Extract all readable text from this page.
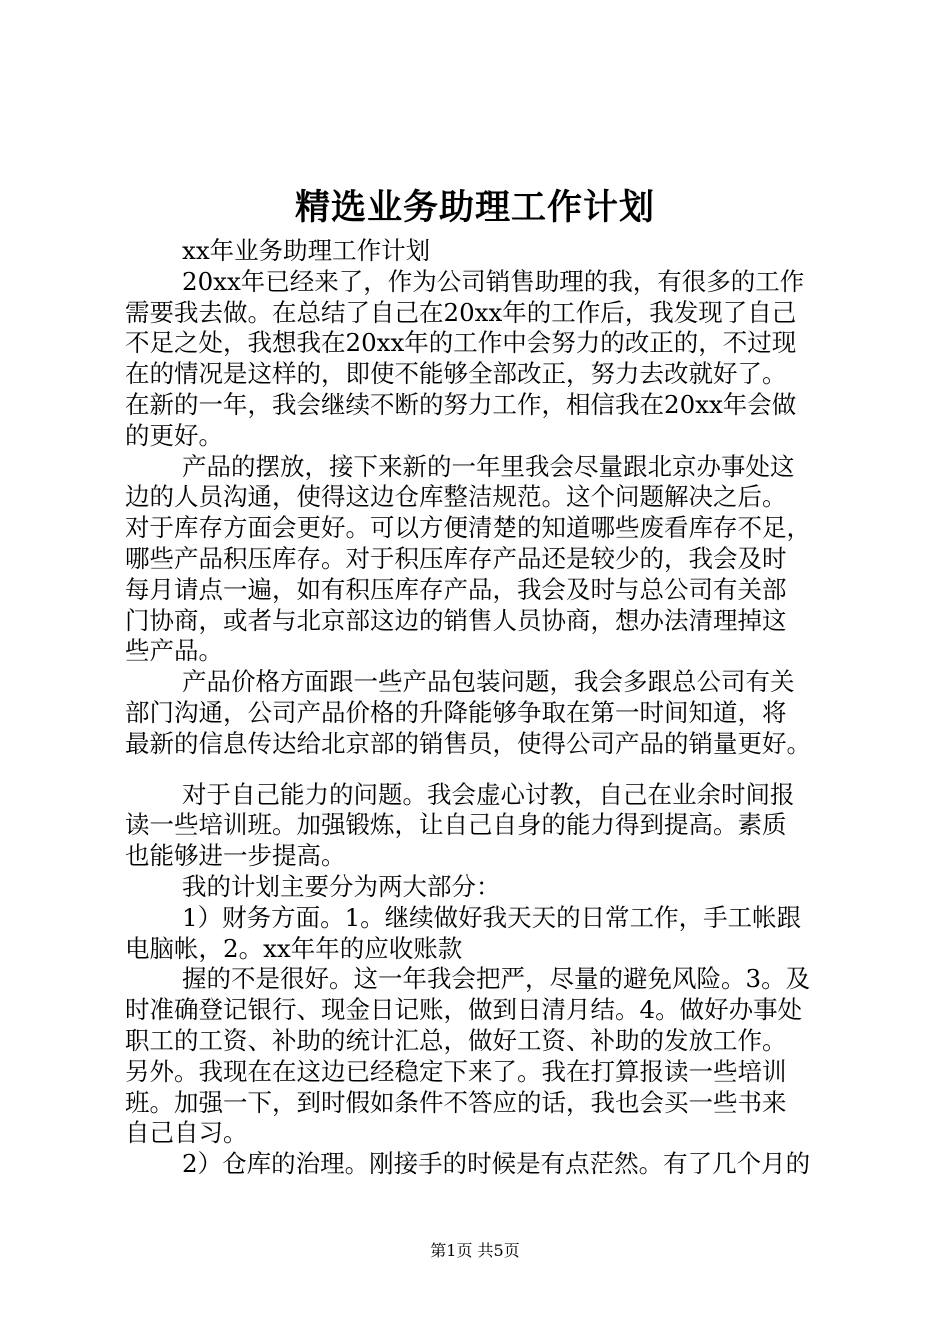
精选业务助理工作计划
xx年业务助理工作计划
20xx年已经来了，作为公司销售助理的我，有很多的工作
需要我去做。在总结了自己在20xx年的工作后，我发现了自己
不足之处，我想我在20xx年的工作中会努力的改正的，不过现
在的情况是这样的，即使不能够全部改正，努力去改就好了。
在新的一年，我会继续不断的努力工作，相信我在20xx年会做
的更好。
产品的摆放，接下来新的一年里我会尽量跟北京办事处这
边的人员沟通，使得这边仓库整洁规范。这个问题解决之后。
对于库存方面会更好。可以方便清楚的知道哪些废看库存不足，
哪些产品积压库存。对于积压库存产品还是较少的，我会及时
每月请点一遍，如有积压库存产品，我会及时与总公司有关部
门协商，或者与北京部这边的销售人员协商，想办法清理掉这
些产品。
产品价格方面跟一些产品包装问题，我会多跟总公司有关
部门沟通，公司产品价格的升降能够争取在第一时间知道，将
最新的信息传达给北京部的销售员，使得公司产品的销量更好。
对于自己能力的问题。我会虚心讨教，自己在业余时间报
读一些培训班。加强锻炼，让自己自身的能力得到提高。素质
也能够进一步提高。
我的计划主要分为两大部分：
1）财务方面。1。继续做好我天天的日常工作，手工帐跟
电脑帐，2。xx年年的应收账款
握的不是很好。这一年我会把严，尽量的避免风险。3。及
时准确登记银行、现金日记账，做到日清月结。4。做好办事处
职工的工资、补助的统计汇总，做好工资、补助的发放工作。
另外。我现在在这边已经稳定下来了。我在打算报读一些培训
班。加强一下，到时假如条件不答应的话，我也会买一些书来
自己自习。
2）仓库的治理。刚接手的时候是有点茫然。有了几个月的
第1页 共5页
